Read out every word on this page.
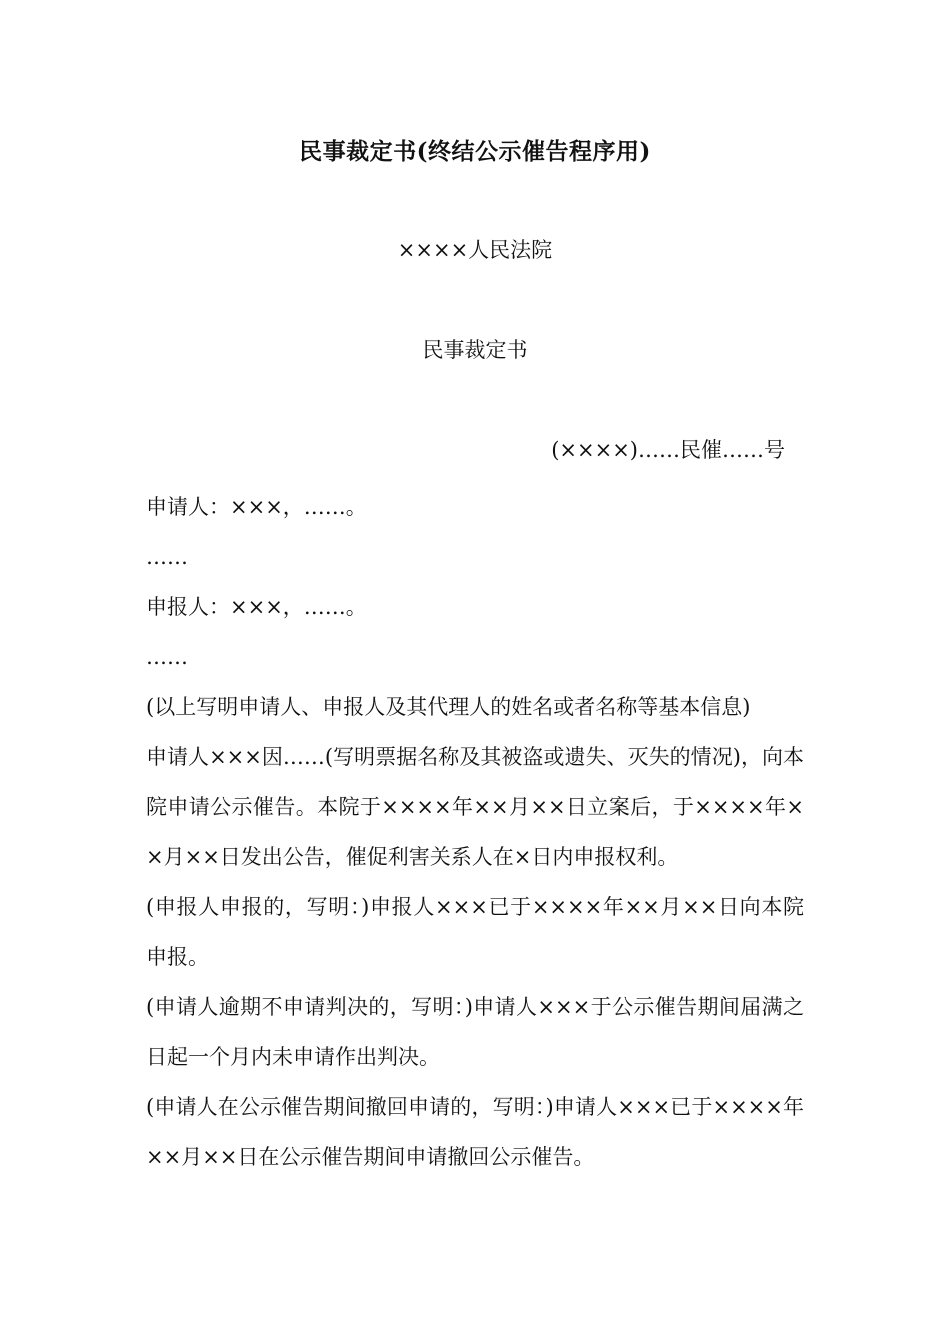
民事裁定书(终结公示催告程序用)
××××人民法院
民事裁定书
(××××)……民催……号

申请人：×××，……。

……

申报人：×××，……。

……

(以上写明申请人、申报人及其代理人的姓名或者名称等基本信息)

申请人×××因……(写明票据名称及其被盗或遗失、灭失的情况)，向本院申请公示催告。本院于××××年××月××日立案后，于××××年××月××日发出公告，催促利害关系人在×日内申报权利。

(申报人申报的，写明：)申报人×××已于××××年××月××日向本院申报。

(申请人逾期不申请判决的，写明：)申请人×××于公示催告期间届满之日起一个月内未申请作出判决。

(申请人在公示催告期间撤回申请的，写明：)申请人×××已于××××年××月××日在公示催告期间申请撤回公示催告。
